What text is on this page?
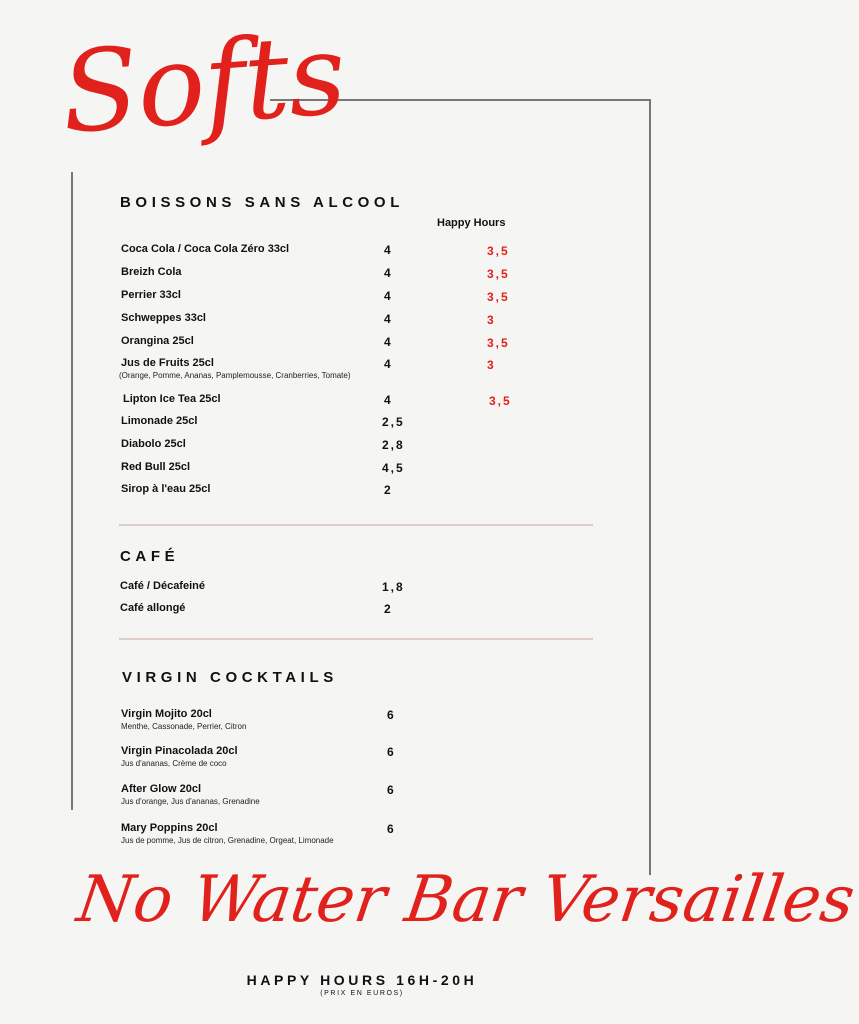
Softs
BOISSONS SANS ALCOOL
Happy Hours
Coca Cola / Coca Cola Zéro 33cl	4	3,5
Breizh Cola	4	3,5
Perrier 33cl	4	3,5
Schweppes 33cl	4	3
Orangina 25cl	4	3,5
Jus de Fruits 25cl	4	3
(Orange, Pomme, Ananas, Pamplemousse, Cranberries, Tomate)
Lipton Ice Tea 25cl	4	3,5
Limonade 25cl	2,5
Diabolo 25cl	2,8
Red Bull 25cl	4,5
Sirop à l'eau 25cl	2
CAFÉ
Café / Décafeiné	1,8
Café allongé	2
VIRGIN COCKTAILS
Virgin Mojito 20cl	6
Menthe, Cassonade, Perrier, Citron
Virgin Pinacolada 20cl	6
Jus d'ananas, Crème de coco
After Glow 20cl	6
Jus d'orange, Jus d'ananas, Grenadine
Mary Poppins 20cl	6
Jus de pomme, Jus de citron, Grenadine, Orgeat, Limonade
No Water Bar Versailles
HAPPY HOURS 16H-20H
(PRIX EN EUROS)
